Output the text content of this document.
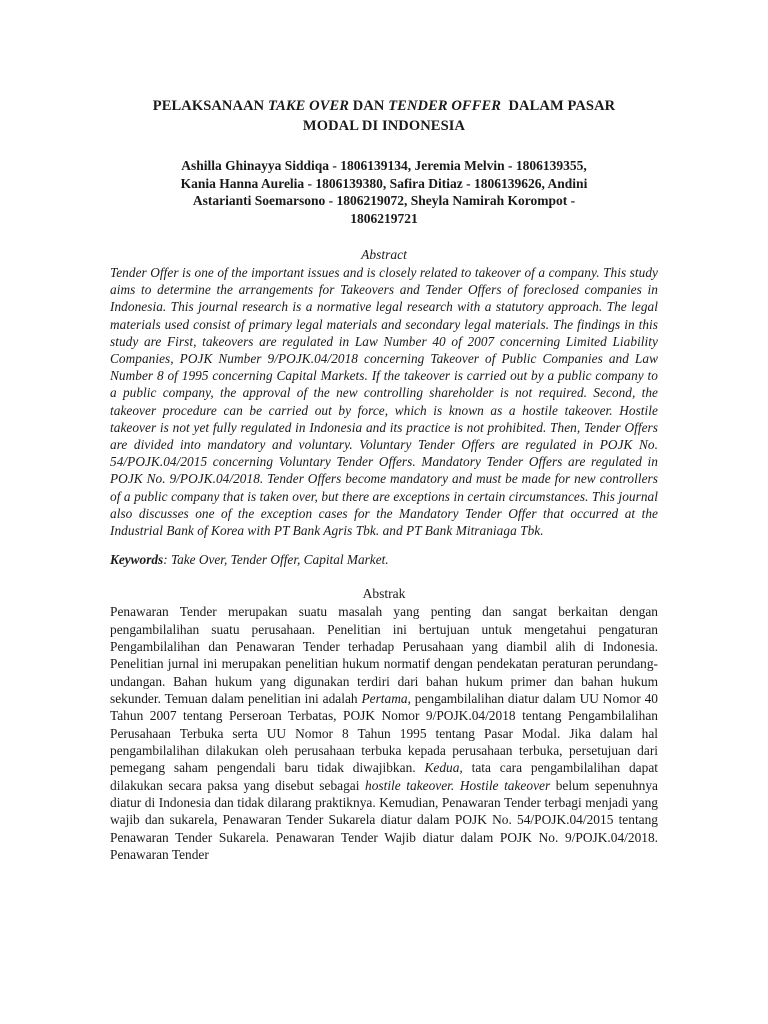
PELAKSANAAN TAKE OVER DAN TENDER OFFER  DALAM PASAR
MODAL DI INDONESIA
Ashilla Ghinayya Siddiqa - 1806139134, Jeremia Melvin - 1806139355,
Kania Hanna Aurelia - 1806139380, Safira Ditiaz - 1806139626, Andini
Astarianti Soemarsono - 1806219072, Sheyla Namirah Korompot -
1806219721
Abstract

Tender Offer is one of the important issues and is closely related to takeover of a company. This study aims to determine the arrangements for Takeovers and Tender Offers of foreclosed companies in Indonesia. This journal research is a normative legal research with a statutory approach. The legal materials used consist of primary legal materials and secondary legal materials. The findings in this study are First, takeovers are regulated in Law Number 40 of 2007 concerning Limited Liability Companies, POJK Number 9/POJK.04/2018 concerning Takeover of Public Companies and Law Number 8 of 1995 concerning Capital Markets. If the takeover is carried out by a public company to a public company, the approval of the new controlling shareholder is not required. Second, the takeover procedure can be carried out by force, which is known as a hostile takeover. Hostile takeover is not yet fully regulated in Indonesia and its practice is not prohibited. Then, Tender Offers are divided into mandatory and voluntary. Voluntary Tender Offers are regulated in POJK No. 54/POJK.04/2015 concerning Voluntary Tender Offers. Mandatory Tender Offers are regulated in POJK No. 9/POJK.04/2018. Tender Offers become mandatory and must be made for new controllers of a public company that is taken over, but there are exceptions in certain circumstances. This journal also discusses one of the exception cases for the Mandatory Tender Offer that occurred at the Industrial Bank of Korea with PT Bank Agris Tbk. and PT Bank Mitraniaga Tbk.

Keywords: Take Over, Tender Offer, Capital Market.
Abstrak

Penawaran Tender merupakan suatu masalah yang penting dan sangat berkaitan dengan pengambilalihan suatu perusahaan. Penelitian ini bertujuan untuk mengetahui pengaturan Pengambilalihan dan Penawaran Tender terhadap Perusahaan yang diambil alih di Indonesia. Penelitian jurnal ini merupakan penelitian hukum normatif dengan pendekatan peraturan perundang-undangan. Bahan hukum yang digunakan terdiri dari bahan hukum primer dan bahan hukum sekunder. Temuan dalam penelitian ini adalah Pertama, pengambilalihan diatur dalam UU Nomor 40 Tahun 2007 tentang Perseroan Terbatas, POJK Nomor 9/POJK.04/2018 tentang Pengambilalihan Perusahaan Terbuka serta UU Nomor 8 Tahun 1995 tentang Pasar Modal. Jika dalam hal pengambilalihan dilakukan oleh perusahaan terbuka kepada perusahaan terbuka, persetujuan dari pemegang saham pengendali baru tidak diwajibkan. Kedua, tata cara pengambilalihan dapat dilakukan secara paksa yang disebut sebagai hostile takeover. Hostile takeover belum sepenuhnya diatur di Indonesia dan tidak dilarang praktiknya. Kemudian, Penawaran Tender terbagi menjadi yang wajib dan sukarela, Penawaran Tender Sukarela diatur dalam POJK No. 54/POJK.04/2015 tentang Penawaran Tender Sukarela. Penawaran Tender Wajib diatur dalam POJK No. 9/POJK.04/2018. Penawaran Tender
